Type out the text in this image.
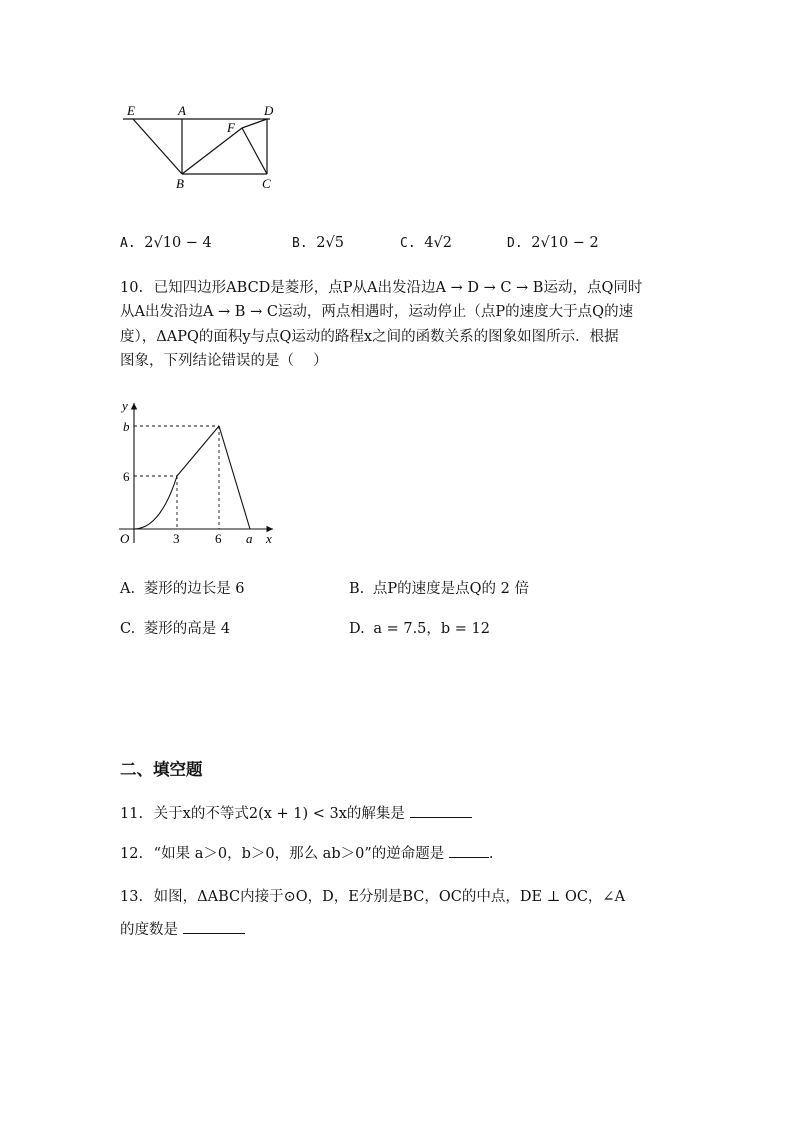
E	A	D
F
B	C
A. 2√10 − 4	B. 2√5	C. 4√2	D. 2√10 − 2
10. 已知四边形ABCD是菱形，点P从A出发沿边A → D → C → B运动，点Q同时
从A出发沿边A → B → C运动，两点相遇时，运动停止（点P的速度大于点Q的速
度），ΔAPQ的面积y与点Q运动的路程x之间的函数关系的图象如图所示．根据
图象，下列结论错误的是（　 ）
y
b
6
O	3	6 a x
A. 菱形的边长是 6	B. 点P的速度是点Q的 2 倍
C. 菱形的高是 4	D. a = 7.5，b = 12
二、填空题
11. 关于x的不等式2(x + 1) < 3x的解集是
12. “如果 a＞0，b＞0，那么 ab＞0”的逆命题是	.
13. 如图，ΔABC内接于⊙O，D，E分别是BC，OC的中点，DE ⊥ OC，∠A
的度数是
